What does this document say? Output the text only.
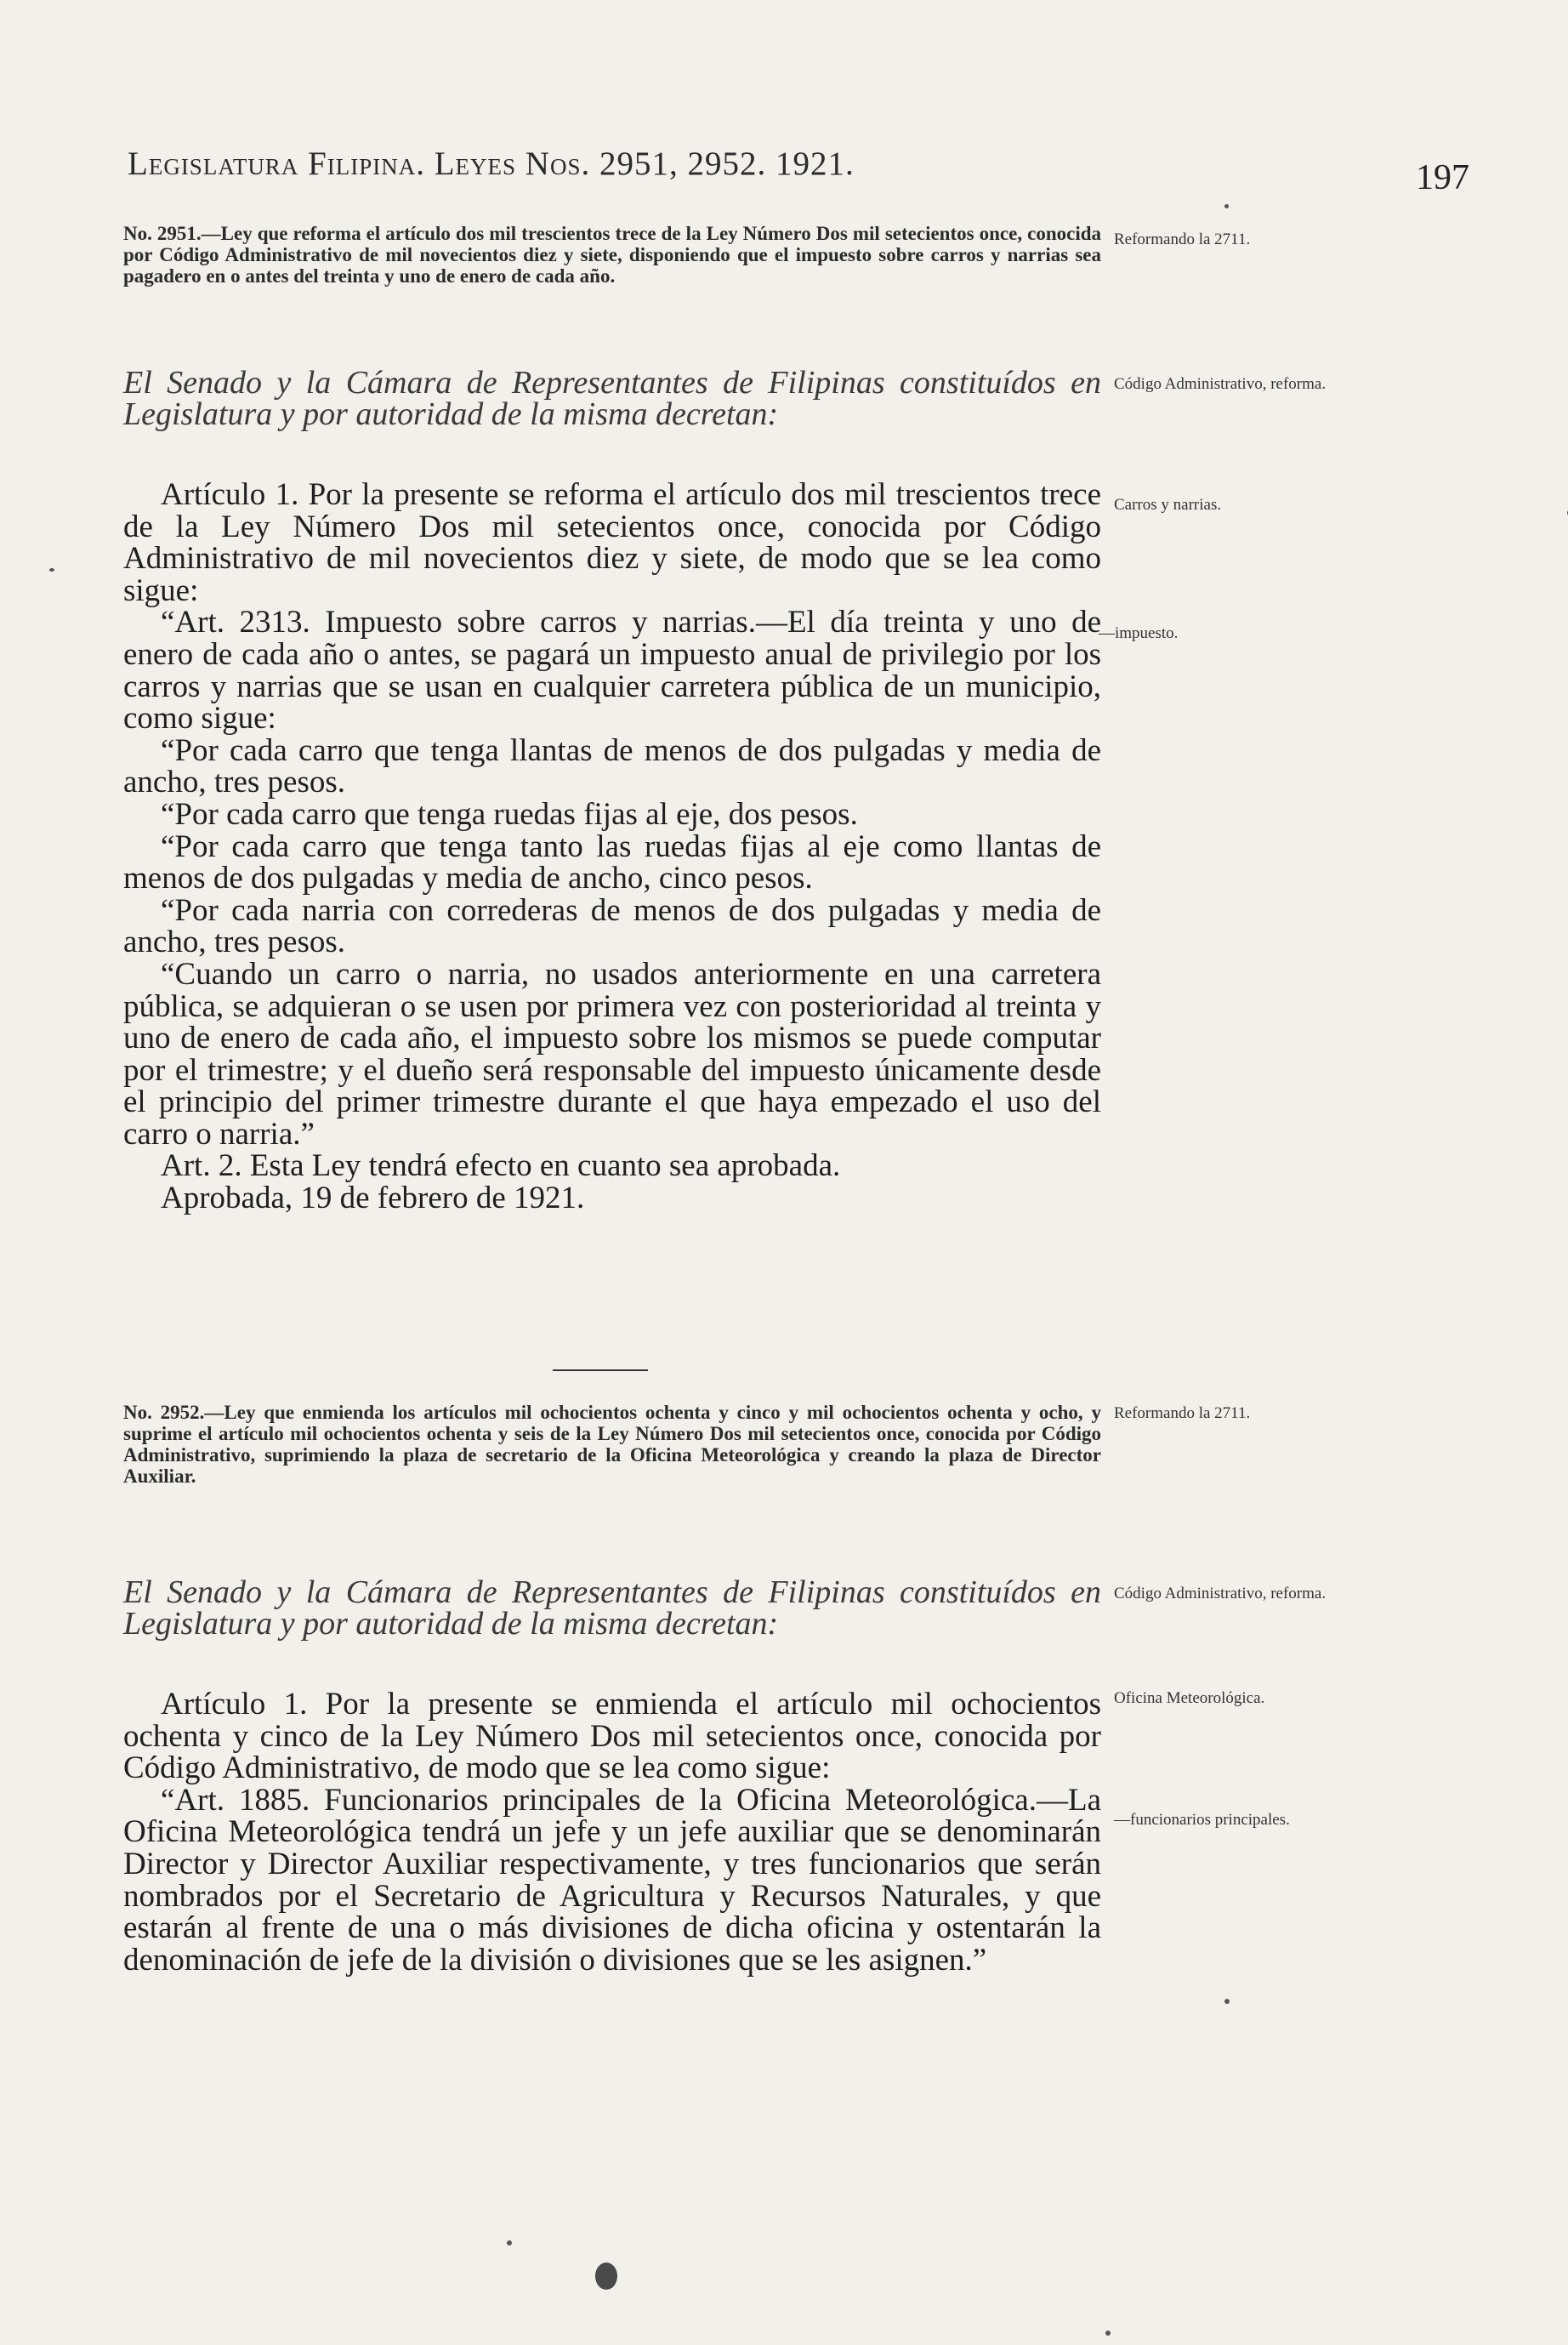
Legislatura Filipina. Leyes Nos. 2951, 2952. 1921.	197

No. 2951.—Ley que reforma el artículo dos mil trescientos trece de la Ley Número Dos mil setecientos once, conocida por Código Administrativo de mil novecientos diez y siete, disponiendo que el impuesto sobre carros y narrias sea pagadero en o antes del treinta y uno de enero de cada año.

El Senado y la Cámara de Representantes de Filipinas constituídos en Legislatura y por autoridad de la misma decretan:

Artículo 1. Por la presente se reforma el artículo dos mil trescientos trece de la Ley Número Dos mil setecientos once, conocida por Código Administrativo de mil novecientos diez y siete, de modo que se lea como sigue:

“Art. 2313. Impuesto sobre carros y narrias.—El día treinta y uno de enero de cada año o antes, se pagará un impuesto anual de privilegio por los carros y narrias que se usan en cualquier carretera pública de un municipio, como sigue:

“Por cada carro que tenga llantas de menos de dos pulgadas y media de ancho, tres pesos.

“Por cada carro que tenga ruedas fijas al eje, dos pesos.

“Por cada carro que tenga tanto las ruedas fijas al eje como llantas de menos de dos pulgadas y media de ancho, cinco pesos.

“Por cada narria con correderas de menos de dos pulgadas y media de ancho, tres pesos.

“Cuando un carro o narria, no usados anteriormente en una carretera pública, se adquieran o se usen por primera vez con posterioridad al treinta y uno de enero de cada año, el impuesto sobre los mismos se puede computar por el trimestre; y el dueño será responsable del impuesto únicamente desde el principio del primer trimestre durante el que haya empezado el uso del carro o narria.”

Art. 2. Esta Ley tendrá efecto en cuanto sea aprobada.

Aprobada, 19 de febrero de 1921.

Reformando la 2711.
Código Administrativo, reforma.
Carros y narrias.
—impuesto.

No. 2952.—Ley que enmienda los artículos mil ochocientos ochenta y cinco y mil ochocientos ochenta y ocho, y suprime el artículo mil ochocientos ochenta y seis de la Ley Número Dos mil setecientos once, conocida por Código Administrativo, suprimiendo la plaza de secretario de la Oficina Meteorológica y creando la plaza de Director Auxiliar.

El Senado y la Cámara de Representantes de Filipinas constituídos en Legislatura y por autoridad de la misma decretan:

Artículo 1. Por la presente se enmienda el artículo mil ochocientos ochenta y cinco de la Ley Número Dos mil setecientos once, conocida por Código Administrativo, de modo que se lea como sigue:

“Art. 1885. Funcionarios principales de la Oficina Meteorológica.—La Oficina Meteorológica tendrá un jefe y un jefe auxiliar que se denominarán Director y Director Auxiliar respectivamente, y tres funcionarios que serán nombrados por el Secretario de Agricultura y Recursos Naturales, y que estarán al frente de una o más divisiones de dicha oficina y ostentarán la denominación de jefe de la división o divisiones que se les asignen.”

Reformando la 2711.
Código Administrativo, reforma.
Oficina Meteorológica.
—funcionarios principales.
